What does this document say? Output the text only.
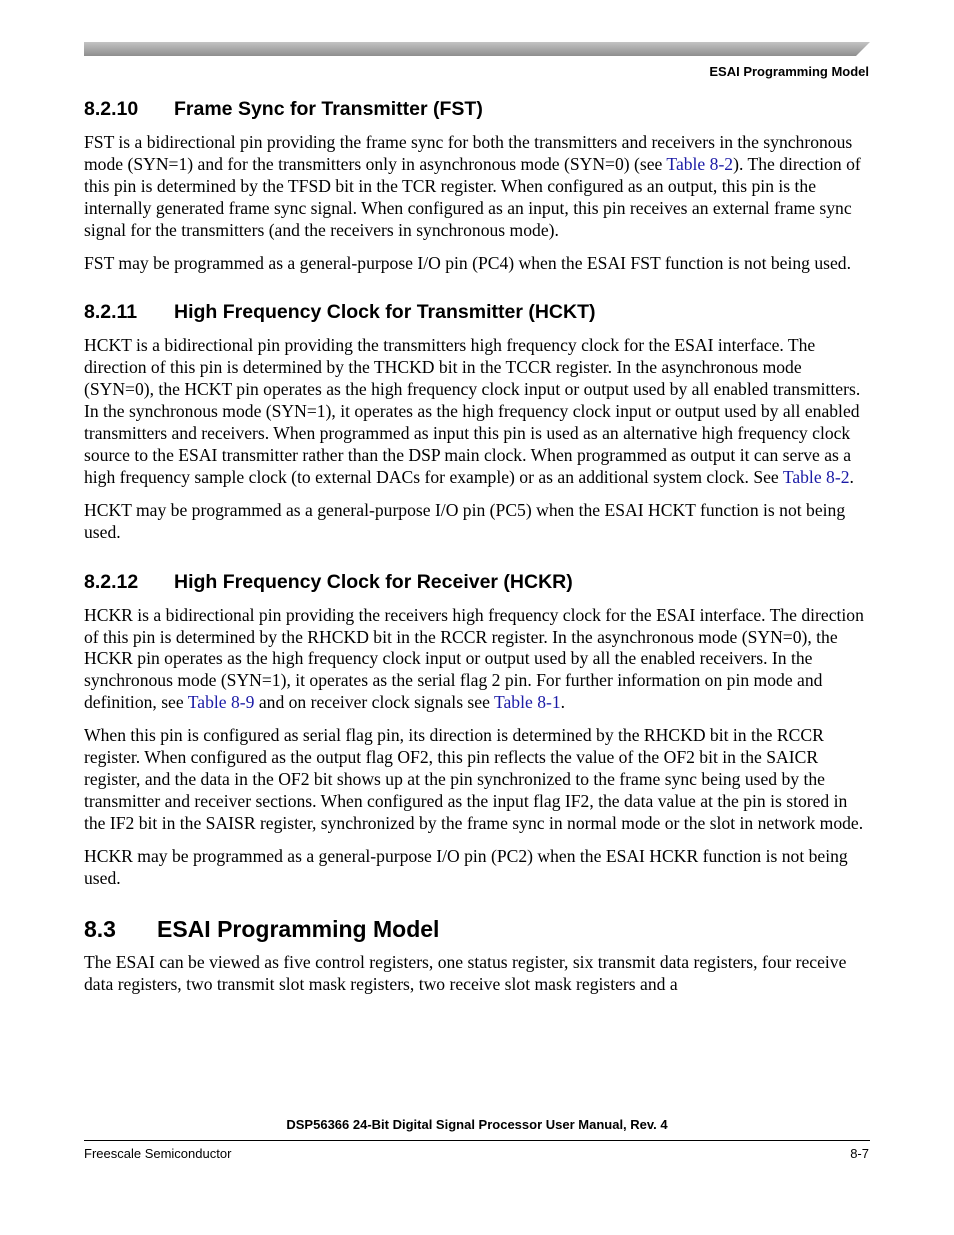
ESAI Programming Model
8.2.10 Frame Sync for Transmitter (FST)

FST is a bidirectional pin providing the frame sync for both the transmitters and receivers in the synchronous mode (SYN=1) and for the transmitters only in asynchronous mode (SYN=0) (see Table 8-2). The direction of this pin is determined by the TFSD bit in the TCR register. When configured as an output, this pin is the internally generated frame sync signal. When configured as an input, this pin receives an external frame sync signal for the transmitters (and the receivers in synchronous mode).

FST may be programmed as a general-purpose I/O pin (PC4) when the ESAI FST function is not being used.

8.2.11 High Frequency Clock for Transmitter (HCKT)

HCKT is a bidirectional pin providing the transmitters high frequency clock for the ESAI interface. The direction of this pin is determined by the THCKD bit in the TCCR register. In the asynchronous mode (SYN=0), the HCKT pin operates as the high frequency clock input or output used by all enabled transmitters. In the synchronous mode (SYN=1), it operates as the high frequency clock input or output used by all enabled transmitters and receivers. When programmed as input this pin is used as an alternative high frequency clock source to the ESAI transmitter rather than the DSP main clock. When programmed as output it can serve as a high frequency sample clock (to external DACs for example) or as an additional system clock. See Table 8-2.

HCKT may be programmed as a general-purpose I/O pin (PC5) when the ESAI HCKT function is not being used.

8.2.12 High Frequency Clock for Receiver (HCKR)

HCKR is a bidirectional pin providing the receivers high frequency clock for the ESAI interface. The direction of this pin is determined by the RHCKD bit in the RCCR register. In the asynchronous mode (SYN=0), the HCKR pin operates as the high frequency clock input or output used by all the enabled receivers. In the synchronous mode (SYN=1), it operates as the serial flag 2 pin. For further information on pin mode and definition, see Table 8-9 and on receiver clock signals see Table 8-1.

When this pin is configured as serial flag pin, its direction is determined by the RHCKD bit in the RCCR register. When configured as the output flag OF2, this pin reflects the value of the OF2 bit in the SAICR register, and the data in the OF2 bit shows up at the pin synchronized to the frame sync being used by the transmitter and receiver sections. When configured as the input flag IF2, the data value at the pin is stored in the IF2 bit in the SAISR register, synchronized by the frame sync in normal mode or the slot in network mode.

HCKR may be programmed as a general-purpose I/O pin (PC2) when the ESAI HCKR function is not being used.

8.3 ESAI Programming Model

The ESAI can be viewed as five control registers, one status register, six transmit data registers, four receive data registers, two transmit slot mask registers, two receive slot mask registers and a

DSP56366 24-Bit Digital Signal Processor User Manual, Rev. 4
Freescale Semiconductor	8-7
